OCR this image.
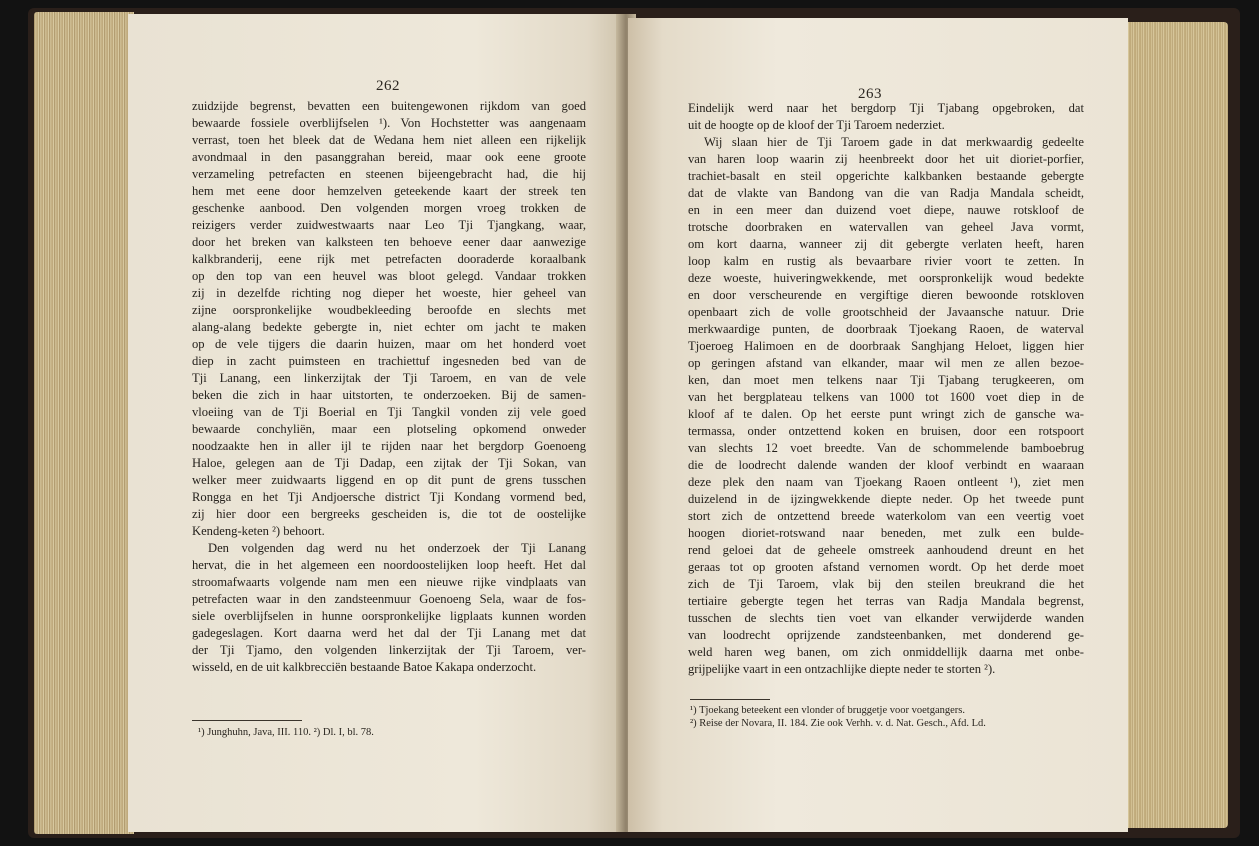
262
zuidzijde begrenst, bevatten een buitengewonen rijkdom van goed
bewaarde fossiele overblijfselen ¹). Von Hochstetter was aangenaam
verrast, toen het bleek dat de Wedana hem niet alleen een rijkelijk
avondmaal in den pasanggrahan bereid, maar ook eene groote
verzameling petrefacten en steenen bijeengebracht had, die hij
hem met eene door hemzelven geteekende kaart der streek ten
geschenke aanbood. Den volgenden morgen vroeg trokken de
reizigers verder zuidwestwaarts naar Leo Tji Tjangkang, waar,
door het breken van kalksteen ten behoeve eener daar aanwezige
kalkbranderij, eene rijk met petrefacten dooraderde koraalbank
op den top van een heuvel was bloot gelegd. Vandaar trokken
zij in dezelfde richting nog dieper het woeste, hier geheel van
zijne oorspronkelijke woudbekleeding beroofde en slechts met
alang-alang bedekte gebergte in, niet echter om jacht te maken
op de vele tijgers die daarin huizen, maar om het honderd voet
diep in zacht puimsteen en trachiettuf ingesneden bed van de
Tji Lanang, een linkerzijtak der Tji Taroem, en van de vele
beken die zich in haar uitstorten, te onderzoeken. Bij de samen-
vloeiing van de Tji Boerial en Tji Tangkil vonden zij vele goed
bewaarde conchyliën, maar een plotseling opkomend onweder
noodzaakte hen in aller ijl te rijden naar het bergdorp Goenoeng
Haloe, gelegen aan de Tji Dadap, een zijtak der Tji Sokan, van
welker meer zuidwaarts liggend en op dit punt de grens tusschen
Rongga en het Tji Andjoersche district Tji Kondang vormend bed,
zij hier door een bergreeks gescheiden is, die tot de oostelijke
Kendeng-keten ²) behoort.
Den volgenden dag werd nu het onderzoek der Tji Lanang
hervat, die in het algemeen een noordoostelijken loop heeft. Het dal
stroomafwaarts volgende nam men een nieuwe rijke vindplaats van
petrefacten waar in den zandsteenmuur Goenoeng Sela, waar de fos-
siele overblijfselen in hunne oorspronkelijke ligplaats kunnen worden
gadegeslagen. Kort daarna werd het dal der Tji Lanang met dat
der Tji Tjamo, den volgenden linkerzijtak der Tji Taroem, ver-
wisseld, en de uit kalkbrecciën bestaande Batoe Kakapa onderzocht.
¹) Junghuhn, Java, III. 110. ²) Dl. I, bl. 78.
263
Eindelijk werd naar het bergdorp Tji Tjabang opgebroken, dat
uit de hoogte op de kloof der Tji Taroem nederziet.
Wij slaan hier de Tji Taroem gade in dat merkwaardig gedeelte
van haren loop waarin zij heenbreekt door het uit dioriet-porfier,
trachiet-basalt en steil opgerichte kalkbanken bestaande gebergte
dat de vlakte van Bandong van die van Radja Mandala scheidt,
en in een meer dan duizend voet diepe, nauwe rotskloof de
trotsche doorbraken en watervallen van geheel Java vormt,
om kort daarna, wanneer zij dit gebergte verlaten heeft, haren
loop kalm en rustig als bevaarbare rivier voort te zetten. In
deze woeste, huiveringwekkende, met oorspronkelijk woud bedekte
en door verscheurende en vergiftige dieren bewoonde rotskloven
openbaart zich de volle grootschheid der Javaansche natuur. Drie
merkwaardige punten, de doorbraak Tjoekang Raoen, de waterval
Tjoeroeg Halimoen en de doorbraak Sanghjang Heloet, liggen hier
op geringen afstand van elkander, maar wil men ze allen bezoe-
ken, dan moet men telkens naar Tji Tjabang terugkeeren, om
van het bergplateau telkens van 1000 tot 1600 voet diep in de
kloof af te dalen. Op het eerste punt wringt zich de gansche wa-
termassa, onder ontzettend koken en bruisen, door een rotspoort
van slechts 12 voet breedte. Van de schommelende bamboebrug
die de loodrecht dalende wanden der kloof verbindt en waaraan
deze plek den naam van Tjoekang Raoen ontleent ¹), ziet men
duizelend in de ijzingwekkende diepte neder. Op het tweede punt
stort zich de ontzettend breede waterkolom van een veertig voet
hoogen dioriet-rotswand naar beneden, met zulk een bulde-
rend geloei dat de geheele omstreek aanhoudend dreunt en het
geraas tot op grooten afstand vernomen wordt. Op het derde moet
zich de Tji Taroem, vlak bij den steilen breukrand die het
tertiaire gebergte tegen het terras van Radja Mandala begrenst,
tusschen de slechts tien voet van elkander verwijderde wanden
van loodrecht oprijzende zandsteenbanken, met donderend ge-
weld haren weg banen, om zich onmiddellijk daarna met onbe-
grijpelijke vaart in een ontzachlijke diepte neder te storten ²).
¹) Tjoekang beteekent een vlonder of bruggetje voor voetgangers.
²) Reise der Novara, II. 184. Zie ook Verhh. v. d. Nat. Gesch., Afd. Ld.
